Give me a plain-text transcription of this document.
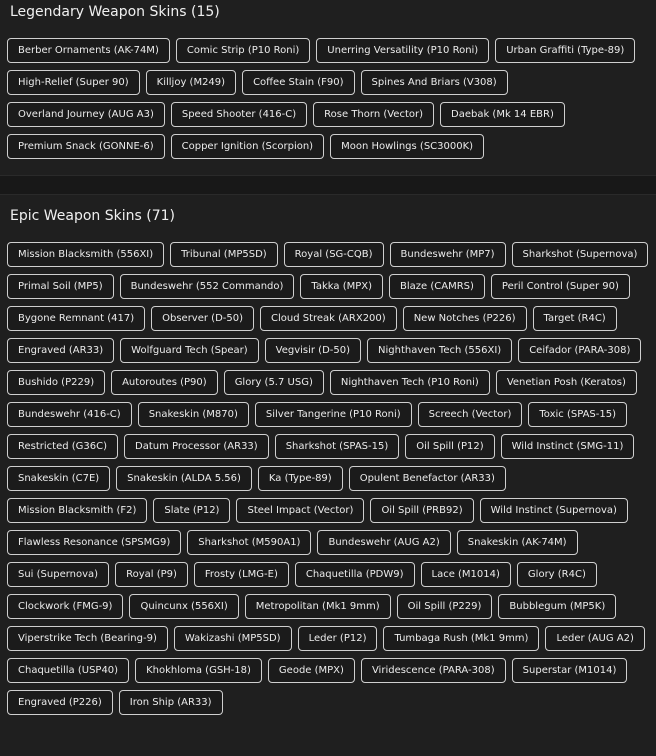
Legendary Weapon Skins (15)
Berber Ornaments (AK-74M)	Comic Strip (P10 Roni)	Unerring Versatility (P10 Roni)	Urban Graffiti (Type-89)
High-Relief (Super 90)	Killjoy (M249)	Coffee Stain (F90)	Spines And Briars (V308)
Overland Journey (AUG A3)	Speed Shooter (416-C)	Rose Thorn (Vector)	Daebak (Mk 14 EBR)
Premium Snack (GONNE-6)	Copper Ignition (Scorpion)	Moon Howlings (SC3000K)
Epic Weapon Skins (71)
Mission Blacksmith (556XI)	Tribunal (MP5SD)	Royal (SG-CQB)	Bundeswehr (MP7)	Sharkshot (Supernova)
Primal Soil (MP5)	Bundeswehr (552 Commando)	Takka (MPX)	Blaze (CAMRS)	Peril Control (Super 90)
Bygone Remnant (417)	Observer (D-50)	Cloud Streak (ARX200)	New Notches (P226)	Target (R4C)
Engraved (AR33)	Wolfguard Tech (Spear)	Vegvisir (D-50)	Nighthaven Tech (556XI)	Ceifador (PARA-308)
Bushido (P229)	Autoroutes (P90)	Glory (5.7 USG)	Nighthaven Tech (P10 Roni)	Venetian Posh (Keratos)
Bundeswehr (416-C)	Snakeskin (M870)	Silver Tangerine (P10 Roni)	Screech (Vector)	Toxic (SPAS-15)
Restricted (G36C)	Datum Processor (AR33)	Sharkshot (SPAS-15)	Oil Spill (P12)	Wild Instinct (SMG-11)
Snakeskin (C7E)	Snakeskin (ALDA 5.56)	Ka (Type-89)	Opulent Benefactor (AR33)
Mission Blacksmith (F2)	Slate (P12)	Steel Impact (Vector)	Oil Spill (PRB92)	Wild Instinct (Supernova)
Flawless Resonance (SPSMG9)	Sharkshot (M590A1)	Bundeswehr (AUG A2)	Snakeskin (AK-74M)
Sui (Supernova)	Royal (P9)	Frosty (LMG-E)	Chaquetilla (PDW9)	Lace (M1014)	Glory (R4C)
Clockwork (FMG-9)	Quincunx (556XI)	Metropolitan (Mk1 9mm)	Oil Spill (P229)	Bubblegum (MP5K)
Viperstrike Tech (Bearing-9)	Wakizashi (MP5SD)	Leder (P12)	Tumbaga Rush (Mk1 9mm)	Leder (AUG A2)
Chaquetilla (USP40)	Khokhloma (GSH-18)	Geode (MPX)	Viridescence (PARA-308)	Superstar (M1014)
Engraved (P226)	Iron Ship (AR33)
